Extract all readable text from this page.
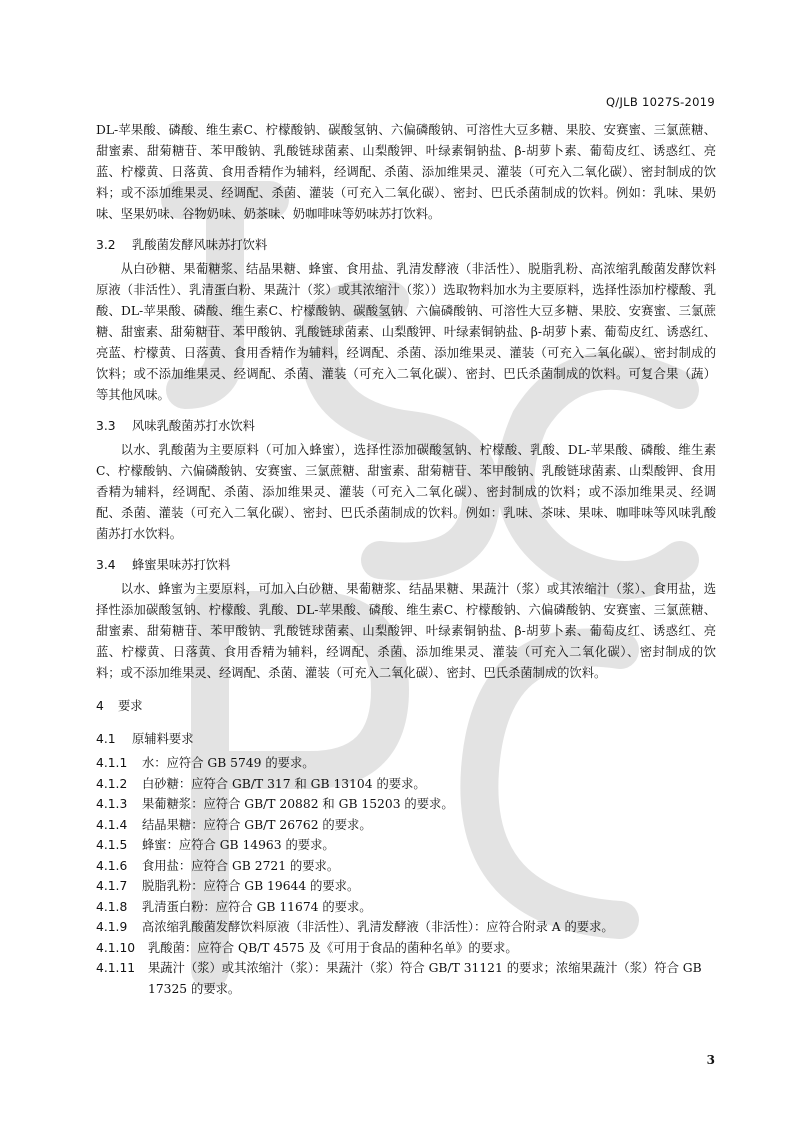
Q/JLB 1027S-2019

DL-苹果酸、磷酸、维生素C、柠檬酸钠、碳酸氢钠、六偏磷酸钠、可溶性大豆多糖、果胶、安赛蜜、三氯蔗糖、甜蜜素、甜菊糖苷、苯甲酸钠、乳酸链球菌素、山梨酸钾、叶绿素铜钠盐、β-胡萝卜素、葡萄皮红、诱惑红、亮蓝、柠檬黄、日落黄、食用香精作为辅料，经调配、杀菌、添加维果灵、灌装（可充入二氧化碳）、密封制成的饮料；或不添加维果灵、经调配、杀菌、灌装（可充入二氧化碳）、密封、巴氏杀菌制成的饮料。例如：乳味、果奶味、坚果奶味、谷物奶味、奶茶味、奶咖啡味等奶味苏打饮料。

3.2 乳酸菌发酵风味苏打饮料

从白砂糖、果葡糖浆、结晶果糖、蜂蜜、食用盐、乳清发酵液（非活性）、脱脂乳粉、高浓缩乳酸菌发酵饮料原液（非活性）、乳清蛋白粉、果蔬汁（浆）或其浓缩汁（浆））选取物料加水为主要原料，选择性添加柠檬酸、乳酸、DL-苹果酸、磷酸、维生素C、柠檬酸钠、碳酸氢钠、六偏磷酸钠、可溶性大豆多糖、果胶、安赛蜜、三氯蔗糖、甜蜜素、甜菊糖苷、苯甲酸钠、乳酸链球菌素、山梨酸钾、叶绿素铜钠盐、β-胡萝卜素、葡萄皮红、诱惑红、亮蓝、柠檬黄、日落黄、食用香精作为辅料，经调配、杀菌、添加维果灵、灌装（可充入二氧化碳）、密封制成的饮料；或不添加维果灵、经调配、杀菌、灌装（可充入二氧化碳）、密封、巴氏杀菌制成的饮料。可复合果（蔬）等其他风味。

3.3 风味乳酸菌苏打水饮料

以水、乳酸菌为主要原料（可加入蜂蜜），选择性添加碳酸氢钠、柠檬酸、乳酸、DL-苹果酸、磷酸、维生素C、柠檬酸钠、六偏磷酸钠、安赛蜜、三氯蔗糖、甜蜜素、甜菊糖苷、苯甲酸钠、乳酸链球菌素、山梨酸钾、食用香精为辅料，经调配、杀菌、添加维果灵、灌装（可充入二氧化碳）、密封制成的饮料；或不添加维果灵、经调配、杀菌、灌装（可充入二氧化碳）、密封、巴氏杀菌制成的饮料。例如：乳味、茶味、果味、咖啡味等风味乳酸菌苏打水饮料。

3.4 蜂蜜果味苏打饮料

以水、蜂蜜为主要原料，可加入白砂糖、果葡糖浆、结晶果糖、果蔬汁（浆）或其浓缩汁（浆）、食用盐，选择性添加碳酸氢钠、柠檬酸、乳酸、DL-苹果酸、磷酸、维生素C、柠檬酸钠、六偏磷酸钠、安赛蜜、三氯蔗糖、甜蜜素、甜菊糖苷、苯甲酸钠、乳酸链球菌素、山梨酸钾、叶绿素铜钠盐、β-胡萝卜素、葡萄皮红、诱惑红、亮蓝、柠檬黄、日落黄、食用香精为辅料，经调配、杀菌、添加维果灵、灌装（可充入二氧化碳）、密封制成的饮料；或不添加维果灵、经调配、杀菌、灌装（可充入二氧化碳）、密封、巴氏杀菌制成的饮料。

4 要求
4.1 原辅料要求
4.1.1	水：应符合 GB 5749 的要求。
4.1.2	白砂糖：应符合 GB/T 317 和 GB 13104 的要求。
4.1.3	果葡糖浆：应符合 GB/T 20882 和 GB 15203 的要求。
4.1.4	结晶果糖：应符合 GB/T 26762 的要求。
4.1.5	蜂蜜：应符合 GB 14963 的要求。
4.1.6	食用盐：应符合 GB 2721 的要求。
4.1.7	脱脂乳粉：应符合 GB 19644 的要求。
4.1.8	乳清蛋白粉：应符合 GB 11674 的要求。
4.1.9	高浓缩乳酸菌发酵饮料原液（非活性）、乳清发酵液（非活性）：应符合附录 A 的要求。
4.1.10	乳酸菌：应符合 QB/T 4575 及《可用于食品的菌种名单》的要求。
4.1.11	果蔬汁（浆）或其浓缩汁（浆）：果蔬汁（浆）符合 GB/T 31121 的要求；浓缩果蔬汁（浆）符合 GB 17325 的要求。
3
